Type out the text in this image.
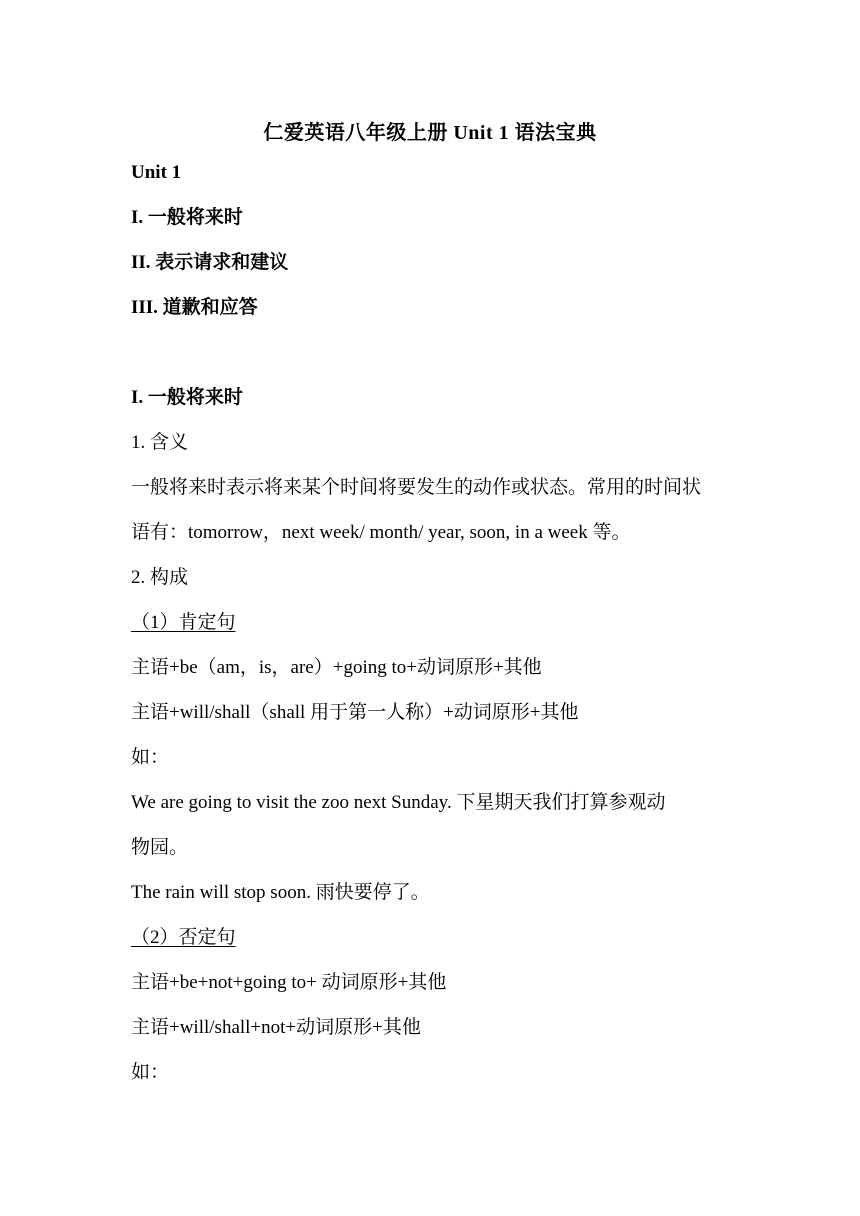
仁爱英语八年级上册 Unit 1 语法宝典
Unit 1
I. 一般将来时
II. 表示请求和建议
III. 道歉和应答
I. 一般将来时
1. 含义
一般将来时表示将来某个时间将要发生的动作或状态。常用的时间状
语有：tomorrow，next week/ month/ year, soon, in a week 等。
2. 构成
（1）肯定句
主语+be（am，is，are）+going to+动词原形+其他
主语+will/shall（shall 用于第一人称）+动词原形+其他
如：
We are going to visit the zoo next Sunday. 下星期天我们打算参观动
物园。
The rain will stop soon. 雨快要停了。
（2）否定句
主语+be+not+going to+ 动词原形+其他
主语+will/shall+not+动词原形+其他
如：
